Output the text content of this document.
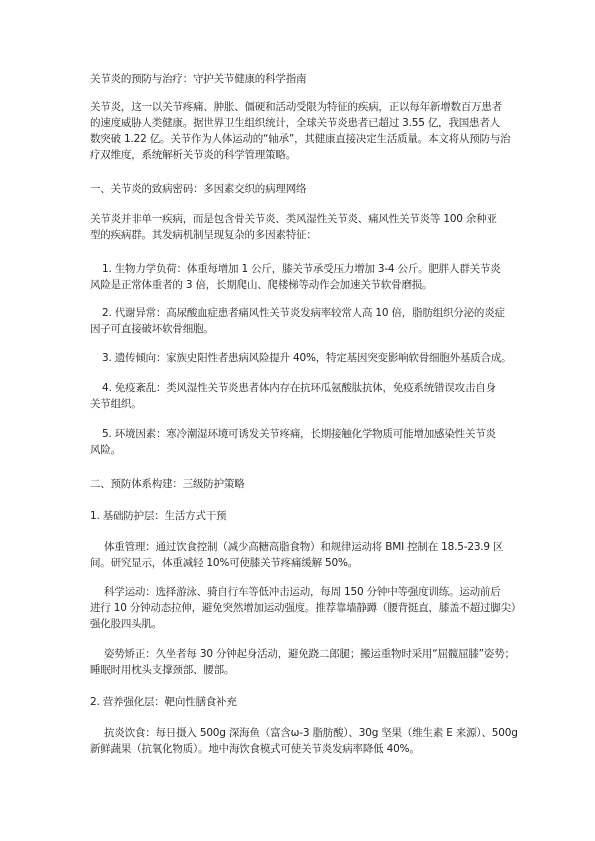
关节炎的预防与治疗：守护关节健康的科学指南
关节炎，这一以关节疼痛、肿胀、僵硬和活动受限为特征的疾病，正以每年新增数百万患者
的速度威胁人类健康。据世界卫生组织统计，全球关节炎患者已超过 3.55 亿，我国患者人
数突破 1.22 亿。关节作为人体运动的“轴承”，其健康直接决定生活质量。本文将从预防与治
疗双维度，系统解析关节炎的科学管理策略。
一、关节炎的致病密码：多因素交织的病理网络
关节炎并非单一疾病，而是包含骨关节炎、类风湿性关节炎、痛风性关节炎等 100 余种亚
型的疾病群。其发病机制呈现复杂的多因素特征：
1. 生物力学负荷：体重每增加 1 公斤，膝关节承受压力增加 3-4 公斤。肥胖人群关节炎
风险是正常体重者的 3 倍，长期爬山、爬楼梯等动作会加速关节软骨磨损。
2. 代谢异常：高尿酸血症患者痛风性关节炎发病率较常人高 10 倍，脂肪组织分泌的炎症
因子可直接破坏软骨细胞。
3. 遗传倾向：家族史阳性者患病风险提升 40%，特定基因突变影响软骨细胞外基质合成。
4. 免疫紊乱：类风湿性关节炎患者体内存在抗环瓜氨酸肽抗体，免疫系统错误攻击自身
关节组织。
5. 环境因素：寒冷潮湿环境可诱发关节疼痛，长期接触化学物质可能增加感染性关节炎
风险。
二、预防体系构建：三级防护策略
1. 基础防护层：生活方式干预
体重管理：通过饮食控制（减少高糖高脂食物）和规律运动将 BMI 控制在 18.5-23.9 区
间。研究显示，体重减轻 10%可使膝关节疼痛缓解 50%。
科学运动：选择游泳、骑自行车等低冲击运动，每周 150 分钟中等强度训练。运动前后
进行 10 分钟动态拉伸，避免突然增加运动强度。推荐靠墙静蹲（腰背挺直，膝盖不超过脚尖）
强化股四头肌。
姿势矫正：久坐者每 30 分钟起身活动，避免跷二郎腿；搬运重物时采用“屈髋屈膝”姿势；
睡眠时用枕头支撑颈部、腰部。
2. 营养强化层：靶向性膳食补充
抗炎饮食：每日摄入 500g 深海鱼（富含ω-3 脂肪酸）、30g 坚果（维生素 E 来源）、500g
新鲜蔬果（抗氧化物质）。地中海饮食模式可使关节炎发病率降低 40%。
